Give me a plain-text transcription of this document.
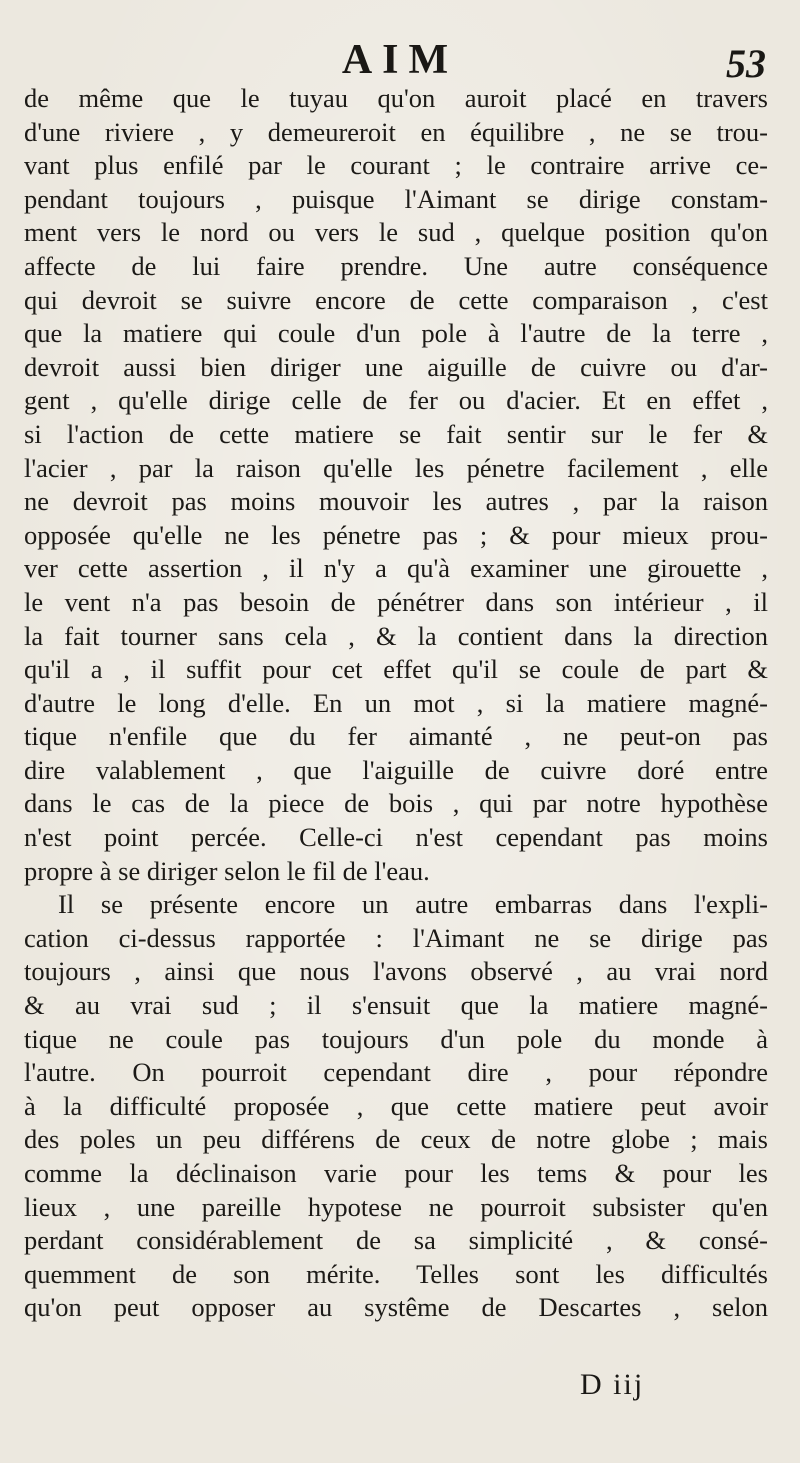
AIM	53
de même que le tuyau qu'on auroit placé en travers
d'une riviere , y demeureroit en équilibre , ne se trou-
vant plus enfilé par le courant ; le contraire arrive ce-
pendant toujours , puisque l'Aimant se dirige constam-
ment vers le nord ou vers le sud , quelque position qu'on
affecte de lui faire prendre. Une autre conséquence
qui devroit se suivre encore de cette comparaison , c'est
que la matiere qui coule d'un pole à l'autre de la terre ,
devroit aussi bien diriger une aiguille de cuivre ou d'ar-
gent , qu'elle dirige celle de fer ou d'acier. Et en effet ,
si l'action de cette matiere se fait sentir sur le fer &
l'acier , par la raison qu'elle les pénetre facilement , elle
ne devroit pas moins mouvoir les autres , par la raison
opposée qu'elle ne les pénetre pas ; & pour mieux prou-
ver cette assertion , il n'y a qu'à examiner une girouette ,
le vent n'a pas besoin de pénétrer dans son intérieur , il
la fait tourner sans cela , & la contient dans la direction
qu'il a , il suffit pour cet effet qu'il se coule de part &
d'autre le long d'elle. En un mot , si la matiere magné-
tique n'enfile que du fer aimanté , ne peut-on pas
dire valablement , que l'aiguille de cuivre doré entre
dans le cas de la piece de bois , qui par notre hypothèse
n'est point percée. Celle-ci n'est cependant pas moins
propre à se diriger selon le fil de l'eau.
Il se présente encore un autre embarras dans l'expli-
cation ci-dessus rapportée : l'Aimant ne se dirige pas
toujours , ainsi que nous l'avons observé , au vrai nord
& au vrai sud ; il s'ensuit que la matiere magné-
tique ne coule pas toujours d'un pole du monde à
l'autre. On pourroit cependant dire , pour répondre
à la difficulté proposée , que cette matiere peut avoir
des poles un peu différens de ceux de notre globe ; mais
comme la déclinaison varie pour les tems & pour les
lieux , une pareille hypotese ne pourroit subsister qu'en
perdant considérablement de sa simplicité , & consé-
quemment de son mérite. Telles sont les difficultés
qu'on peut opposer au systême de Descartes , selon
D iij
